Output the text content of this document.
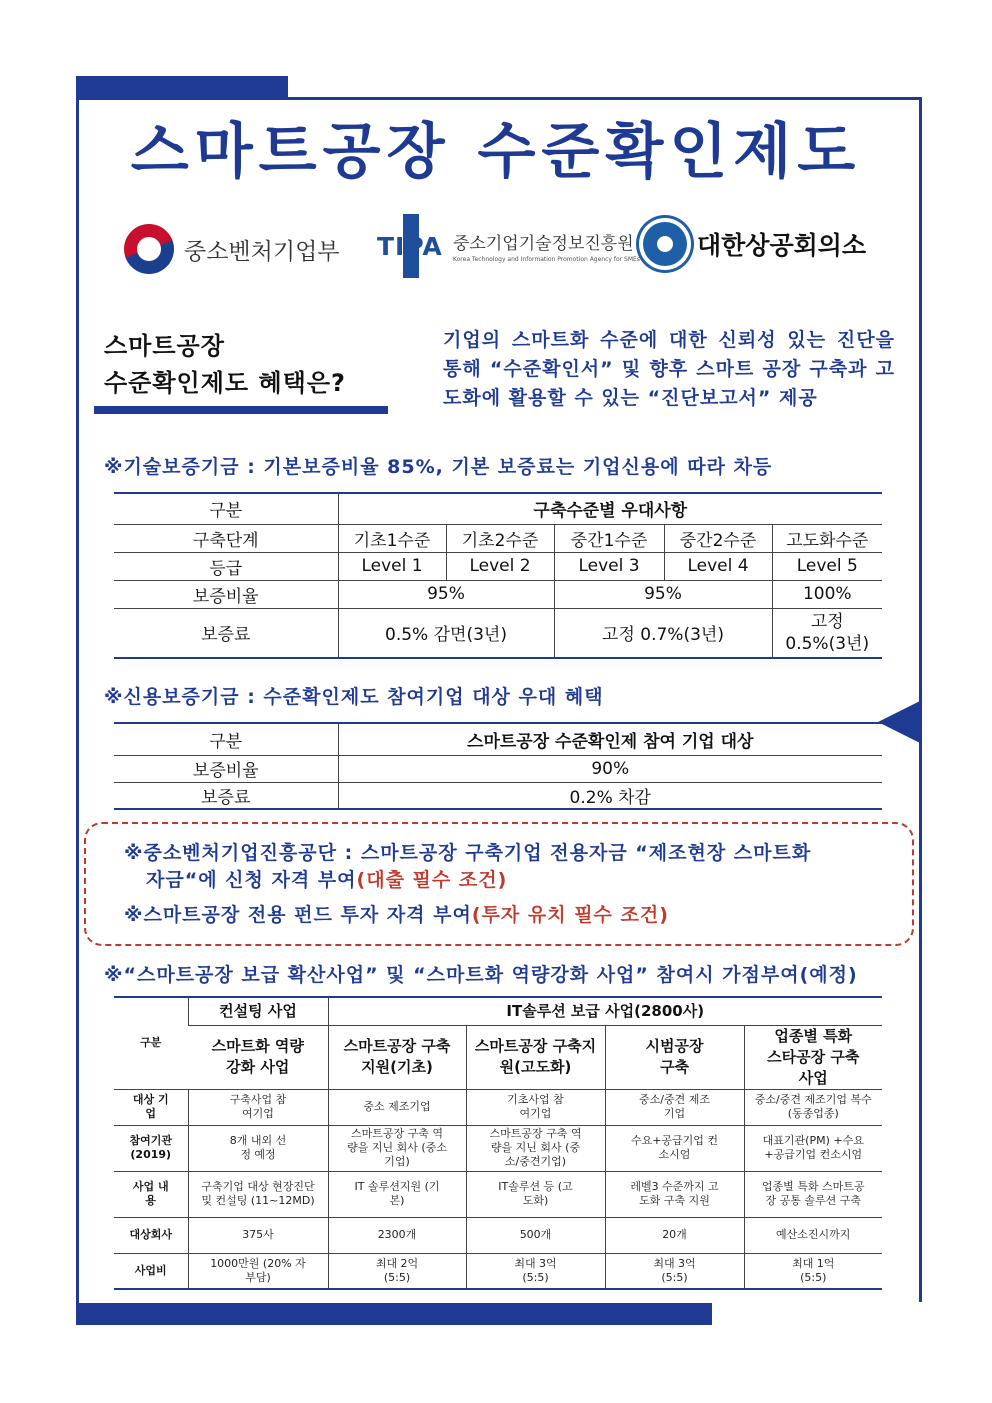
스마트공장 수준확인제도
중소벤처기업부 TIPA 중소기업기술정보진흥원
Korea Technology and Information Promotion Agency for SMEs 대한상공회의소
스마트공장
수준확인제도 혜택은?
기업의 스마트화 수준에 대한 신뢰성 있는 진단을 통해 “수준확인서” 및 향후 스마트 공장 구축과 고도화에 활용할 수 있는 “진단보고서” 제공
※기술보증기금 : 기본보증비율 85%, 기본 보증료는 기업신용에 따라 차등
구분	구축수준별 우대사항				
구축단계	기초1수준	기초2수준	중간1수준	중간2수준	고도화수준
등급	Level 1	Level 2	Level 3	Level 4	Level 5
보증비율	95%		95%		100%
보증료	0.5% 감면(3년)		고정 0.7%(3년)		고정
0.5%(3년)
※신용보증기금 : 수준확인제도 참여기업 대상 우대 혜택
구분	스마트공장 수준확인제 참여 기업 대상
보증비율	90%
보증료	0.2% 차감
※중소벤처기업진흥공단 : 스마트공장 구축기업 전용자금 “제조현장 스마트화
자금“에 신청 자격 부여(대출 필수 조건)
※스마트공장 전용 펀드 투자 자격 부여(투자 유치 필수 조건)
※“스마트공장 보급 확산사업” 및 “스마트화 역량강화 사업” 참여시 가점부여(예정)
구분	컨설팅 사업	IT솔루션 보급 사업(2800사)			
	스마트화 역량강화 사업	스마트공장 구축지원(기초)	스마트공장 구축지원(고도화)	시범공장 구축	업종별 특화 스타공장 구축사업
대상 기업	구축사업 참여기업	중소 제조기업	기초사업 참여기업	중소/중견 제조기업	중소/중견 제조기업 복수(동종업종)
참여기관 (2019)	8개 내외 선정 예정	스마트공장 구축 역량을 지닌 회사 (중소기업)	스마트공장 구축 역량을 지닌 회사 (중소/중견기업)	수요+공급기업 컨소시엄	대표기관(PM) +수요+공급기업 컨소시엄
사업 내용	구축기업 대상 현장진단 및 컨설팅 (11~12MD)	IT 솔루션지원 (기본)	IT솔루션 등 (고도화)	레벨3 수준까지 고도화 구축 지원	업종별 특화 스마트공장 공통 솔루션 구축
대상회사	375사	2300개	500개	20개	예산소진시까지
사업비	1000만원 (20% 자부담)	최대 2억 (5:5)	최대 3억 (5:5)	최대 3억 (5:5)	최대 1억 (5:5)
